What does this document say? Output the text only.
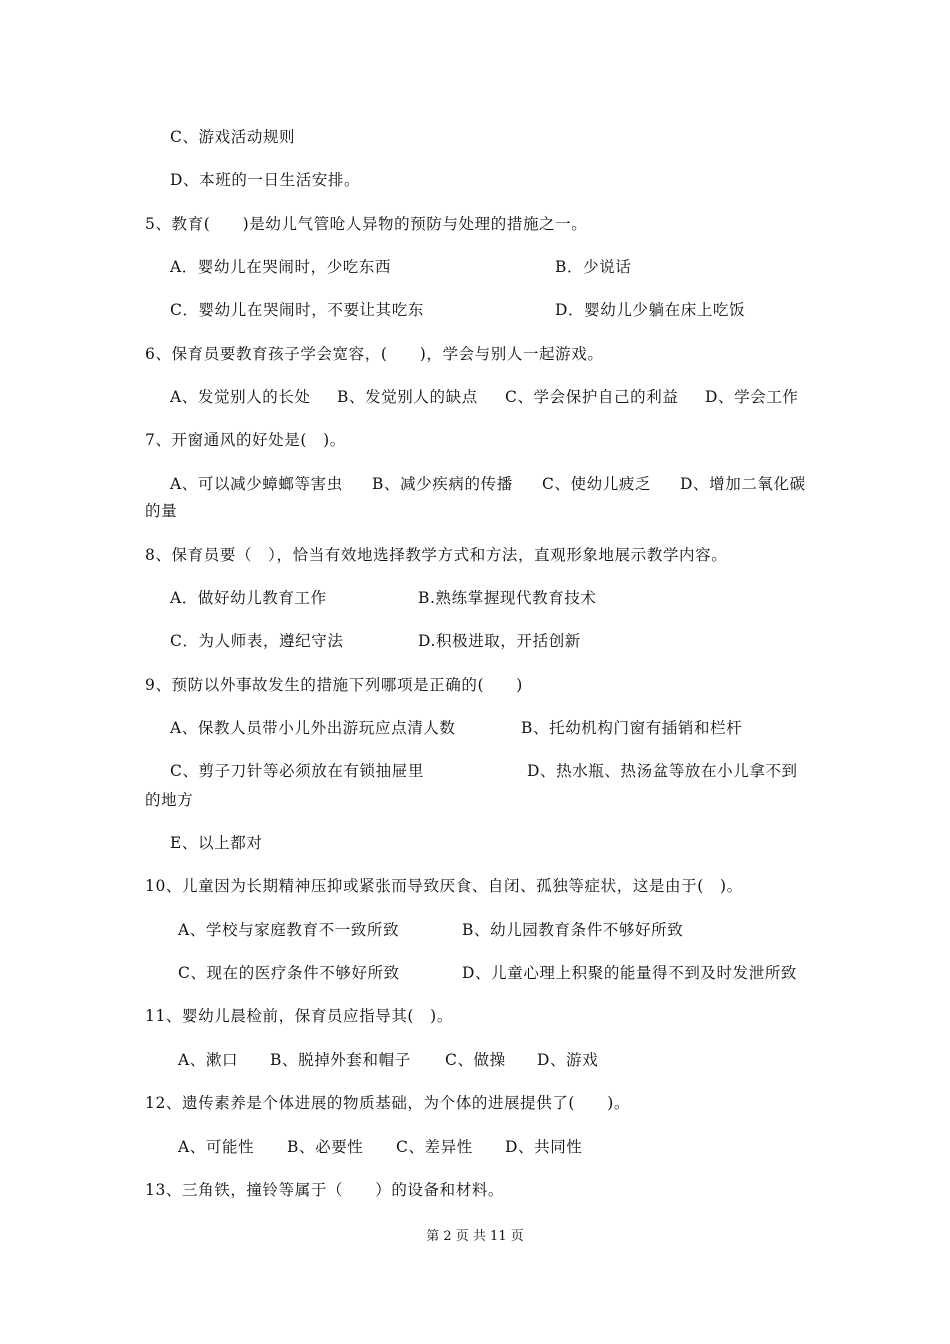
C、游戏活动规则
D、本班的一日生活安排。
5、教育(　　)是幼儿气管呛人异物的预防与处理的措施之一。
A．婴幼儿在哭闹时，少吃东西	B．少说话
C．婴幼儿在哭闹时，不要让其吃东	D．婴幼儿少躺在床上吃饭
6、保育员要教育孩子学会宽容，(　　)，学会与别人一起游戏。
A、发觉别人的长处 B、发觉别人的缺点 C、学会保护自己的利益 D、学会工作
7、开窗通风的好处是(　)。
A、可以减少蟑螂等害虫 B、减少疾病的传播 C、使幼儿疲乏 D、增加二氧化碳
的量
8、保育员要（　），恰当有效地选择教学方式和方法，直观形象地展示教学内容。
A．做好幼儿教育工作	B.熟练掌握现代教育技术
C．为人师表，遵纪守法	D.积极进取，开括创新
9、预防以外事故发生的措施下列哪项是正确的(　　)
A、保教人员带小儿外出游玩应点清人数	B、托幼机构门窗有插销和栏杆
C、剪子刀针等必须放在有锁抽屉里	D、热水瓶、热汤盆等放在小儿拿不到
的地方
E、以上都对
10、儿童因为长期精神压抑或紧张而导致厌食、自闭、孤独等症状，这是由于(　)。
A、学校与家庭教育不一致所致	B、幼儿园教育条件不够好所致
C、现在的医疗条件不够好所致	D、儿童心理上积聚的能量得不到及时发泄所致
11、婴幼儿晨检前，保育员应指导其(　)。
A、漱口 B、脱掉外套和帽子 C、做操 D、游戏
12、遗传素养是个体进展的物质基础，为个体的进展提供了(　　)。
A、可能性 B、必要性 C、差异性 D、共同性
13、三角铁，撞铃等属于（　　）的设备和材料。
第 2 页 共 11 页
